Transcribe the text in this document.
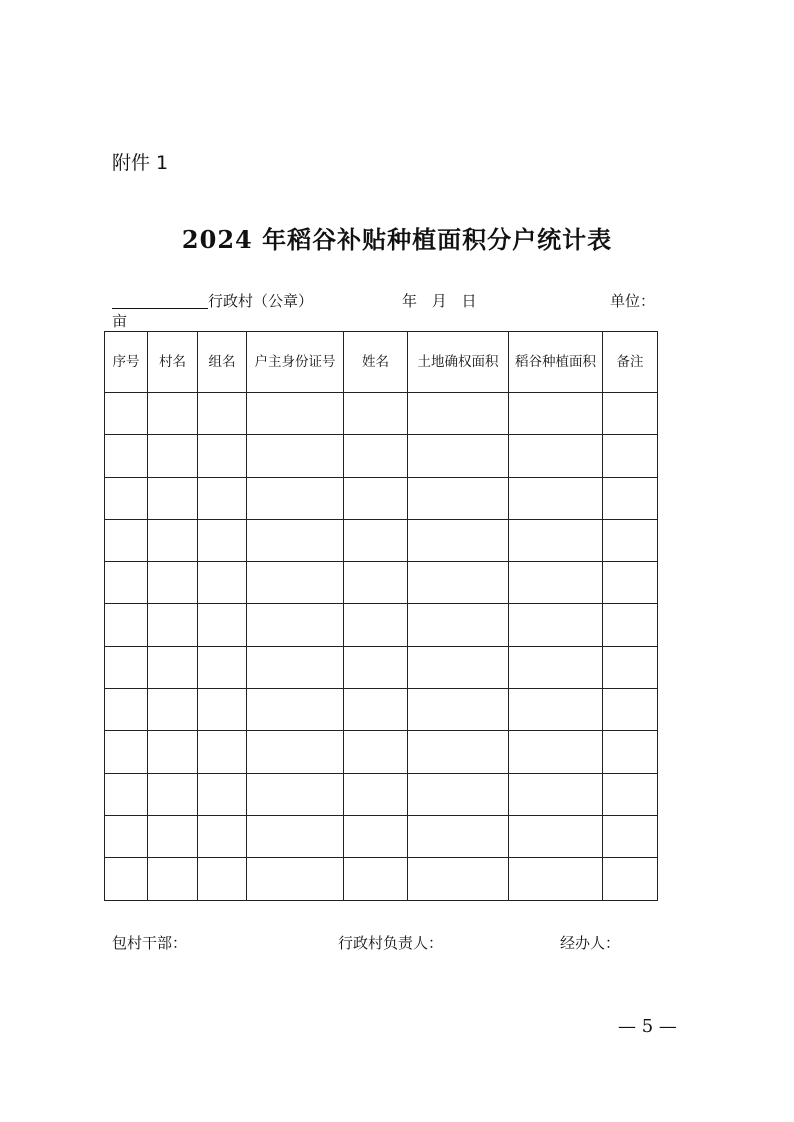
附件 1
2024 年稻谷补贴种植面积分户统计表
行政村（公章）	年 月 日	单位：
亩
序号	村名	组名	户主身份证号	姓名	土地确权面积	稻谷种植面积	备注

包村干部：	行政村负责人：	经办人：
— 5 —
